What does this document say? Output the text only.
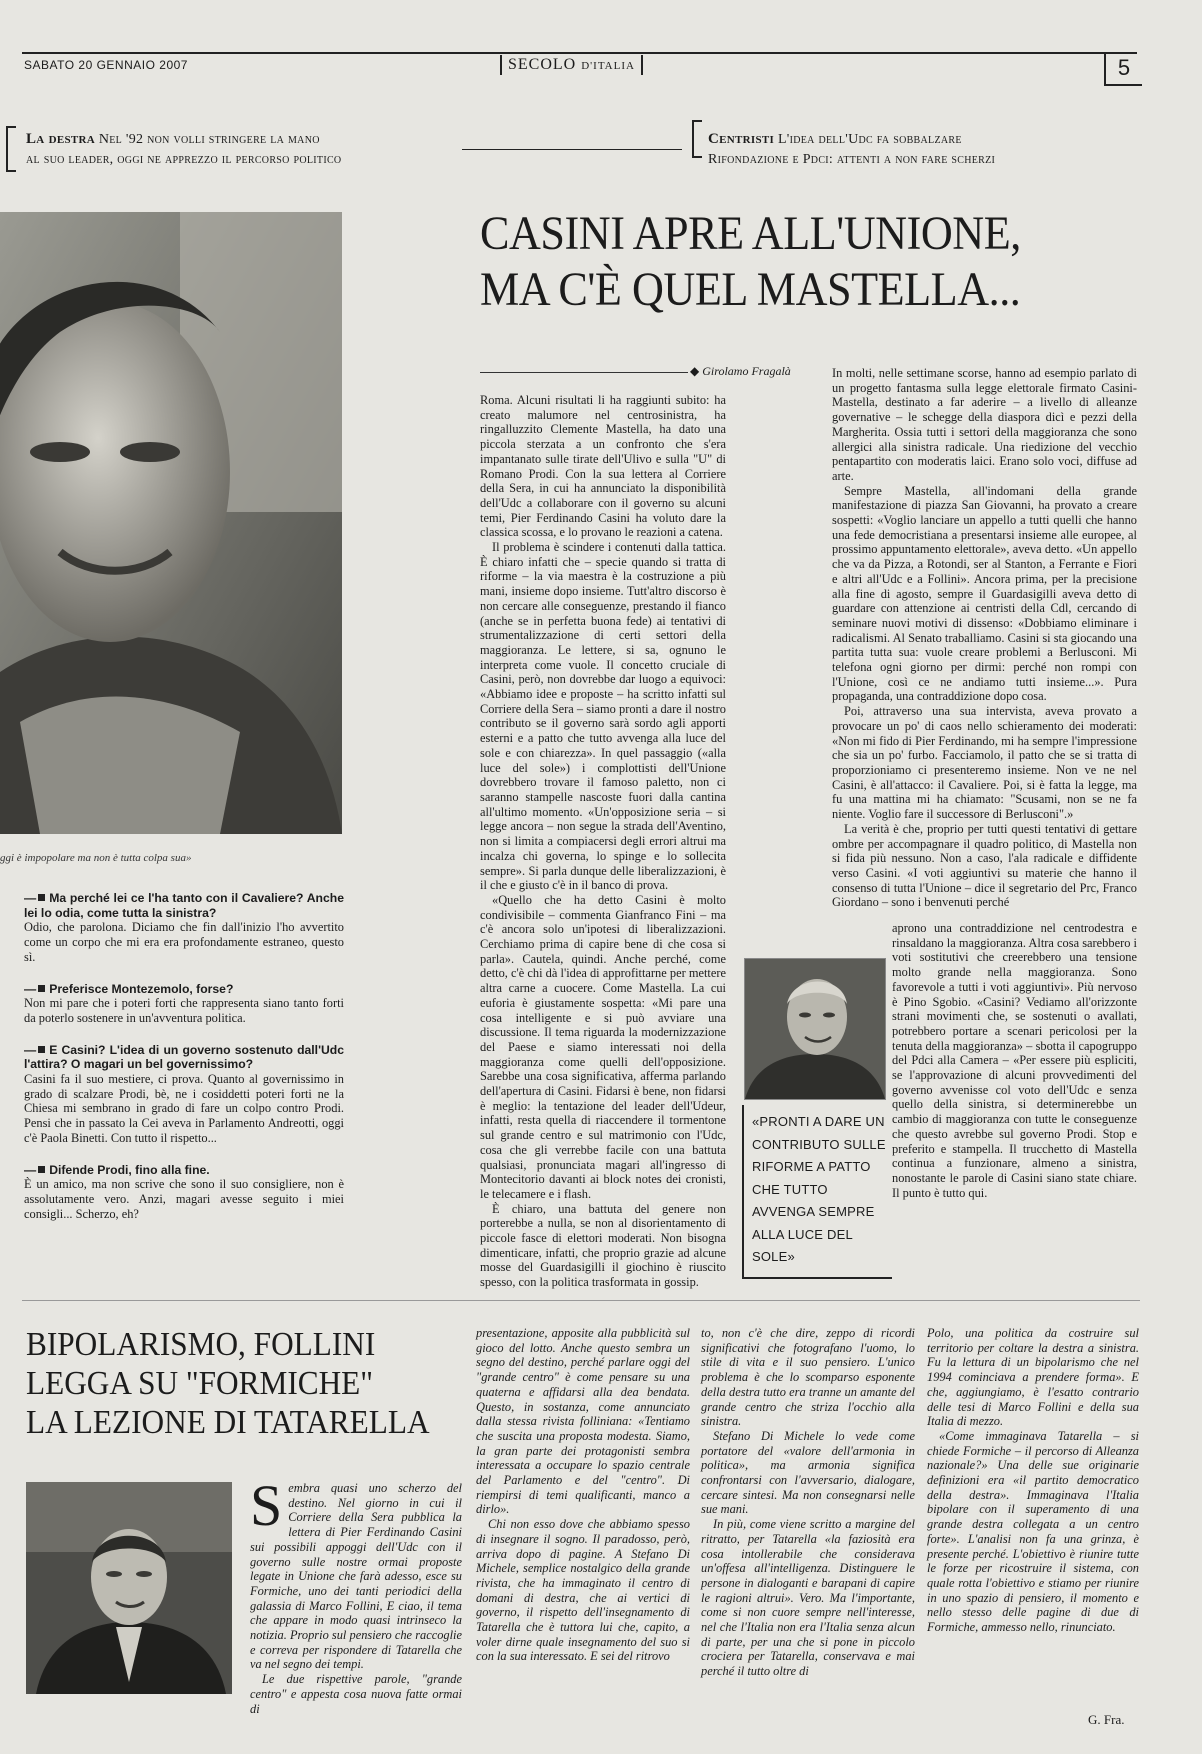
SABATO 20 GENNAIO 2007	SECOLO D'ITALIA	5
La destra Nel '92 non volli stringere la mano
al suo leader, oggi ne apprezzo il percorso politico
Centristi L'idea dell'Udc fa sobbalzare
Rifondazione e Pdci: attenti a non fare scherzi
CASINI APRE ALL'UNIONE,
MA C'È QUEL MASTELLA...
ggi è impopolare ma non è tutta colpa sua»

— Ma perché lei ce l'ha tanto con il Cavaliere? Anche lei lo odia, come tutta la sinistra?

Odio, che parolona. Diciamo che fin dall'inizio l'ho avvertito come un corpo che mi era era profondamente estraneo, questo sì.

— Preferisce Montezemolo, forse?

Non mi pare che i poteri forti che rappresenta siano tanto forti da poterlo sostenere in un'avventura politica.

— E Casini? L'idea di un governo sostenuto dall'Udc l'attira? O magari un bel governissimo?

Casini fa il suo mestiere, ci prova. Quanto al governissimo in grado di scalzare Prodi, bè, ne i cosiddetti poteri forti ne la Chiesa mi sembrano in grado di fare un colpo contro Prodi. Pensi che in passato la Cei aveva in Parlamento Andreotti, oggi c'è Paola Binetti. Con tutto il rispetto...

— Difende Prodi, fino alla fine.

È un amico, ma non scrive che sono il suo consigliere, non è assolutamente vero. Anzi, magari avesse seguito i miei consigli... Scherzo, eh?

◆ Girolamo Fragalà

Roma. Alcuni risultati li ha raggiunti subito: ha creato malumore nel centrosinistra, ha ringalluzzito Clemente Mastella, ha dato una piccola sterzata a un confronto che s'era impantanato sulle tirate dell'Ulivo e sulla "U" di Romano Prodi. Con la sua lettera al Corriere della Sera, in cui ha annunciato la disponibilità dell'Udc a collaborare con il governo su alcuni temi, Pier Ferdinando Casini ha voluto dare la classica scossa, e lo provano le reazioni a catena.

Il problema è scindere i contenuti dalla tattica. È chiaro infatti che – specie quando si tratta di riforme – la via maestra è la costruzione a più mani, insieme dopo insieme. Tutt'altro discorso è non cercare alle conseguenze, prestando il fianco (anche se in perfetta buona fede) ai tentativi di strumentalizzazione di certi settori della maggioranza. Le lettere, si sa, ognuno le interpreta come vuole. Il concetto cruciale di Casini, però, non dovrebbe dar luogo a equivoci: «Abbiamo idee e proposte – ha scritto infatti sul Corriere della Sera – siamo pronti a dare il nostro contributo se il governo sarà sordo agli apporti esterni e a patto che tutto avvenga alla luce del sole e con chiarezza». In quel passaggio («alla luce del sole») i complottisti dell'Unione dovrebbero trovare il famoso paletto, non ci saranno stampelle nascoste fuori dalla cantina all'ultimo momento. «Un'opposizione seria – si legge ancora – non segue la strada dell'Aventino, non si limita a compiacersi degli errori altrui ma incalza chi governa, lo spinge e lo sollecita sempre». Si parla dunque delle liberalizzazioni, è il che e giusto c'è in il banco di prova.

«Quello che ha detto Casini è molto condivisibile – commenta Gianfranco Fini – ma c'è ancora solo un'ipotesi di liberalizzazioni. Cerchiamo prima di capire bene di che cosa si parla». Cautela, quindi. Anche perché, come detto, c'è chi dà l'idea di approfittarne per mettere altra carne a cuocere. Come Mastella. La cui euforia è giustamente sospetta: «Mi pare una cosa intelligente e si può avviare una discussione. Il tema riguarda la modernizzazione del Paese e siamo interessati noi della maggioranza come quelli dell'opposizione. Sarebbe una cosa significativa, afferma parlando dell'apertura di Casini. Fidarsi è bene, non fidarsi è meglio: la tentazione del leader dell'Udeur, infatti, resta quella di riaccendere il tormentone sul grande centro e sul matrimonio con l'Udc, cosa che gli verrebbe facile con una battuta qualsiasi, pronunciata magari all'ingresso di Montecitorio davanti ai block notes dei cronisti, le telecamere e i flash.

È chiaro, una battuta del genere non porterebbe a nulla, se non al disorientamento di piccole fasce di elettori moderati. Non bisogna dimenticare, infatti, che proprio grazie ad alcune mosse del Guardasigilli il giochino è riuscito spesso, con la politica trasformata in gossip.

In molti, nelle settimane scorse, hanno ad esempio parlato di un progetto fantasma sulla legge elettorale firmato Casini-Mastella, destinato a far aderire – a livello di alleanze governative – le schegge della diaspora dicì e pezzi della Margherita. Ossia tutti i settori della maggioranza che sono allergici alla sinistra radicale. Una riedizione del vecchio pentapartito con moderatis laici. Erano solo voci, diffuse ad arte.

Sempre Mastella, all'indomani della grande manifestazione di piazza San Giovanni, ha provato a creare sospetti: «Voglio lanciare un appello a tutti quelli che hanno una fede democristiana a presentarsi insieme alle europee, al prossimo appuntamento elettorale», aveva detto. «Un appello che va da Pizza, a Rotondi, ser al Stanton, a Ferrante e Fiori e altri all'Udc e a Follini». Ancora prima, per la precisione alla fine di agosto, sempre il Guardasigilli aveva detto di guardare con attenzione ai centristi della Cdl, cercando di seminare nuovi motivi di dissenso: «Dobbiamo eliminare i radicalismi. Al Senato traballiamo. Casini si sta giocando una partita tutta sua: vuole creare problemi a Berlusconi. Mi telefona ogni giorno per dirmi: perché non rompi con l'Unione, così ce ne andiamo tutti insieme...». Pura propaganda, una contraddizione dopo cosa.

Poi, attraverso una sua intervista, aveva provato a provocare un po' di caos nello schieramento dei moderati: «Non mi fido di Pier Ferdinando, mi ha sempre l'impressione che sia un po' furbo. Facciamolo, il patto che se si tratta di proporzioniamo ci presenteremo insieme. Non ve ne nel Casini, è all'attacco: il Cavaliere. Poi, si è fatta la legge, ma fu una mattina mi ha chiamato: "Scusami, non se ne fa niente. Voglio fare il successore di Berlusconi".»

La verità è che, proprio per tutti questi tentativi di gettare ombre per accompagnare il quadro politico, di Mastella non si fida più nessuno. Non a caso, l'ala radicale e diffidente verso Casini. «I voti aggiuntivi su materie che hanno il consenso di tutta l'Unione – dice il segretario del Prc, Franco Giordano – sono i benvenuti perché

aprono una contraddizione nel centrodestra e rinsaldano la maggioranza. Altra cosa sarebbero i voti sostitutivi che creerebbero una tensione molto grande nella maggioranza. Sono favorevole a tutti i voti aggiuntivi». Più nervoso è Pino Sgobio. «Casini? Vediamo all'orizzonte strani movimenti che, se sostenuti o avallati, potrebbero portare a scenari pericolosi per la tenuta della maggioranza» – sbotta il capogruppo del Pdci alla Camera – «Per essere più espliciti, se l'approvazione di alcuni provvedimenti del governo avvenisse col voto dell'Udc e senza quello della sinistra, si determinerebbe un cambio di maggioranza con tutte le conseguenze che questo avrebbe sul governo Prodi. Stop e preferito e stampella. Il trucchetto di Mastella continua a funzionare, almeno a sinistra, nonostante le parole di Casini siano state chiare. Il punto è tutto qui.

«PRONTI A DARE UN CONTRIBUTO SULLE RIFORME A PATTO CHE TUTTO AVVENGA SEMPRE ALLA LUCE DEL SOLE»
BIPOLARISMO, FOLLINI
LEGGA SU "FORMICHE"
LA LEZIONE DI TATARELLA

Sembra quasi uno scherzo del destino. Nel giorno in cui il Corriere della Sera pubblica la lettera di Pier Ferdinando Casini sui possibili appoggi dell'Udc con il governo sulle nostre ormai proposte legate in Unione che farà adesso, esce su Formiche, uno dei tanti periodici della galassia di Marco Follini, E ciao, il tema che appare in modo quasi intrinseco la notizia. Proprio sul pensiero che raccoglie e correva per rispondere di Tatarella che va nel segno dei tempi.

Le due rispettive parole, "grande centro" e appesta cosa nuova fatte ormai di

presentazione, apposite alla pubblicità sul gioco del lotto. Anche questo sembra un segno del destino, perché parlare oggi del "grande centro" è come pensare su una quaterna e affidarsi alla dea bendata. Questo, in sostanza, come annunciato dalla stessa rivista folliniana: «Tentiamo che suscita una proposta modesta. Siamo, la gran parte dei protagonisti sembra interessata a occupare lo spazio centrale del Parlamento e del "centro". Di riempirsi di temi qualificanti, manco a dirlo».

Chi non esso dove che abbiamo spesso di insegnare il sogno. Il paradosso, però, arriva dopo di pagine. A Stefano Di Michele, semplice nostalgico della grande rivista, che ha immaginato il centro di domani di destra, che ai vertici di governo, il rispetto dell'insegnamento di Tatarella che è tuttora lui che, capito, a voler dirne quale insegnamento del suo si con la sua interessato. E sei del ritrovo

to, non c'è che dire, zeppo di ricordi significativi che fotografano l'uomo, lo stile di vita e il suo pensiero. L'unico problema è che lo scomparso esponente della destra tutto era tranne un amante del grande centro che striza l'occhio alla sinistra.

Stefano Di Michele lo vede come portatore del «valore dell'armonia in politica», ma armonia significa confrontarsi con l'avversario, dialogare, cercare sintesi. Ma non consegnarsi nelle sue mani.

In più, come viene scritto a margine del ritratto, per Tatarella «la faziosità era cosa intollerabile che considerava un'offesa all'intelligenza. Distinguere le persone in dialoganti e barapani di capire le ragioni altrui». Vero. Ma l'importante, come si non cuore sempre nell'interesse, nel che l'Italia non era l'Italia senza alcun di parte, per una che si pone in piccolo crociera per Tatarella, conservava e mai perché il tutto oltre di

Polo, una politica da costruire sul territorio per coltare la destra a sinistra. Fu la lettura di un bipolarismo che nel 1994 cominciava a prendere forma». E che, aggiungiamo, è l'esatto contrario delle tesi di Marco Follini e della sua Italia di mezzo.

«Come immaginava Tatarella – si chiede Formiche – il percorso di Alleanza nazionale?» Una delle sue originarie definizioni era «il partito democratico della destra». Immaginava l'Italia bipolare con il superamento di una grande destra collegata a un centro forte». L'analisi non fa una grinza, è presente perché. L'obiettivo è riunire tutte le forze per ricostruire il sistema, con quale rotta l'obiettivo e stiamo per riunire in uno spazio di pensiero, il momento e nello stesso delle pagine di due di Formiche, ammesso nello, rinunciato.

G. Fra.
